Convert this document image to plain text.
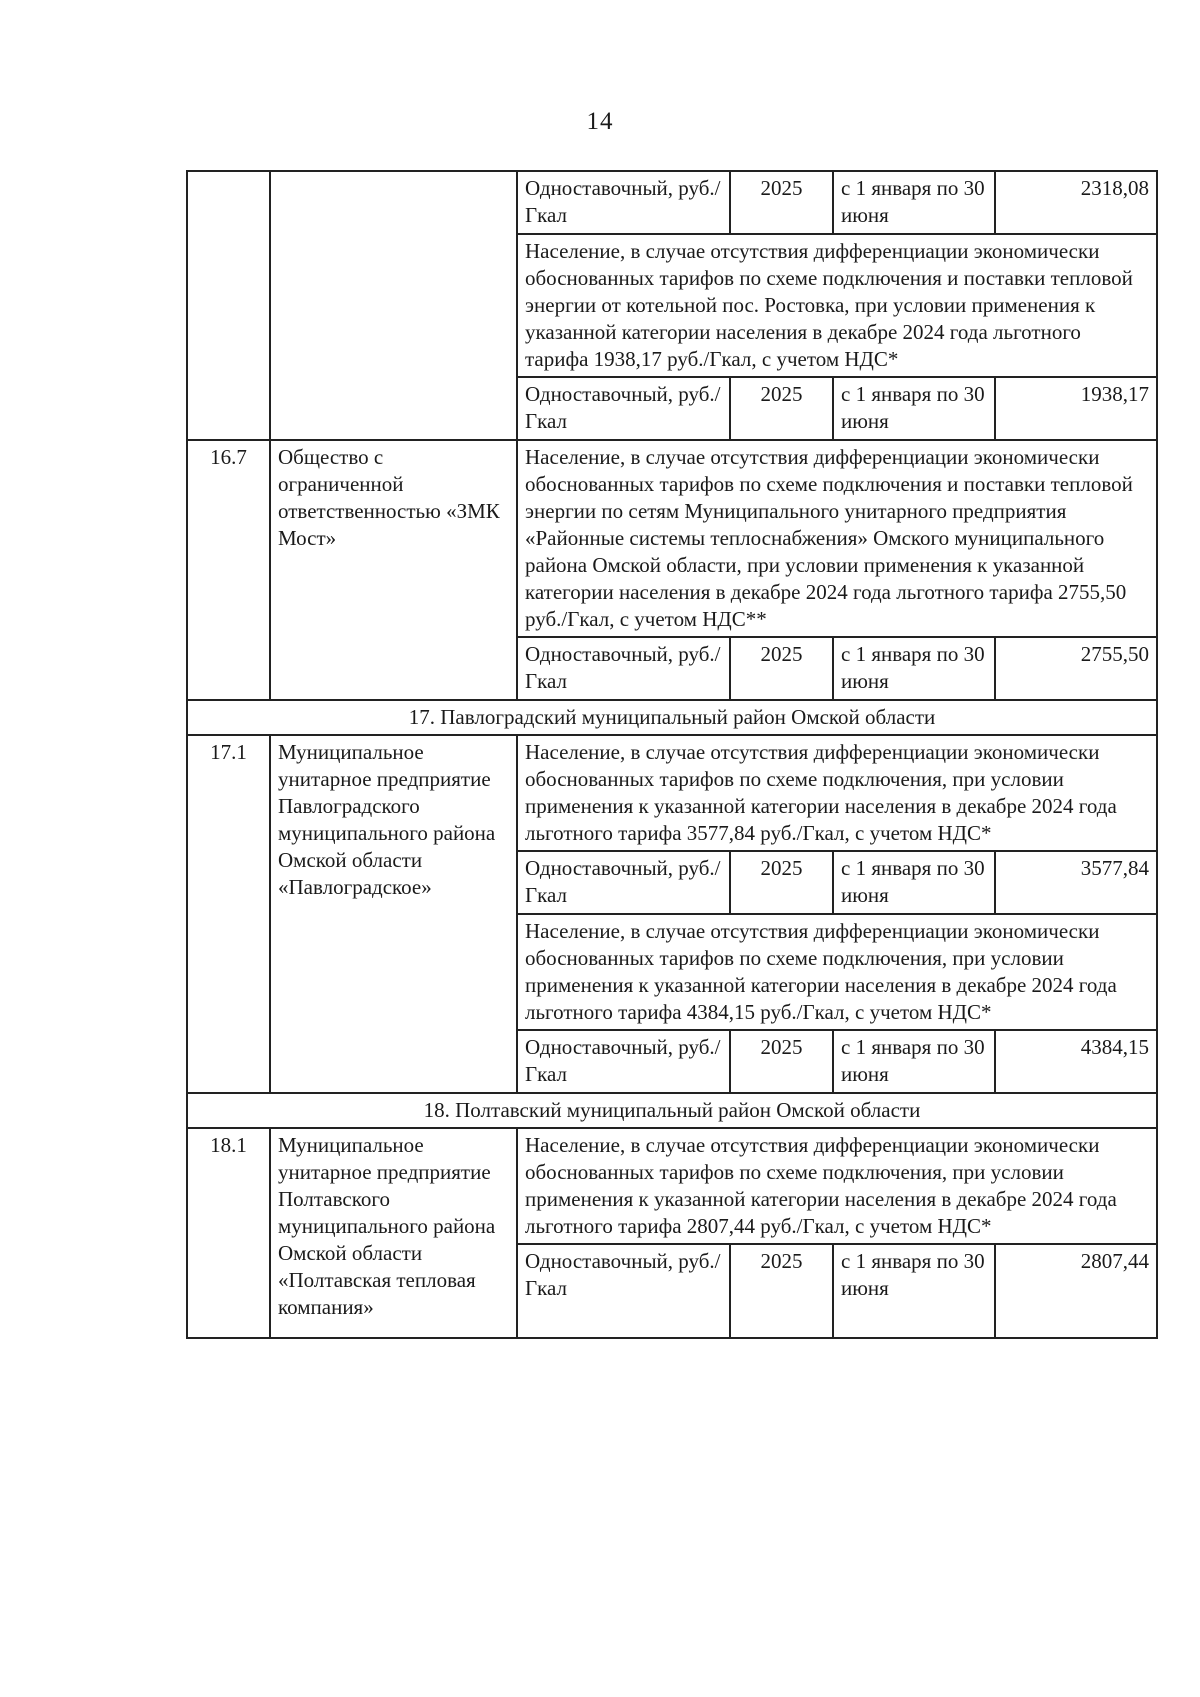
14
		Одноставочный, руб./Гкал	2025	с 1 января по 30 июня	2318,08
		Население, в случае отсутствия дифференциации экономически обоснованных тарифов по схеме подключения и поставки тепловой энергии от котельной пос. Ростовка, при условии применения к указанной категории населения в декабре 2024 года льготного тарифа 1938,17 руб./Гкал, с учетом НДС*			
		Одноставочный, руб./Гкал	2025	с 1 января по 30 июня	1938,17
16.7	Общество с ограниченной ответственностью «ЗМК Мост»	Население, в случае отсутствия дифференциации экономически обоснованных тарифов по схеме подключения и поставки тепловой энергии по сетям Муниципального унитарного предприятия «Районные системы теплоснабжения» Омского муниципального района Омской области, при условии применения к указанной категории населения в декабре 2024 года льготного тарифа 2755,50 руб./Гкал, с учетом НДС**			
		Одноставочный, руб./Гкал	2025	с 1 января по 30 июня	2755,50
17. Павлоградский муниципальный район Омской области					
17.1	Муниципальное унитарное предприятие Павлоградского муниципального района Омской области «Павлоградское»	Население, в случае отсутствия дифференциации экономически обоснованных тарифов по схеме подключения, при условии применения к указанной категории населения в декабре 2024 года льготного тарифа 3577,84 руб./Гкал, с учетом НДС*			
		Одноставочный, руб./Гкал	2025	с 1 января по 30 июня	3577,84
		Население, в случае отсутствия дифференциации экономически обоснованных тарифов по схеме подключения, при условии применения к указанной категории населения в декабре 2024 года льготного тарифа 4384,15 руб./Гкал, с учетом НДС*			
		Одноставочный, руб./Гкал	2025	с 1 января по 30 июня	4384,15
18. Полтавский муниципальный район Омской области					
18.1	Муниципальное унитарное предприятие Полтавского муниципального района Омской области «Полтавская тепловая компания»	Население, в случае отсутствия дифференциации экономически обоснованных тарифов по схеме подключения, при условии применения к указанной категории населения в декабре 2024 года льготного тарифа 2807,44 руб./Гкал, с учетом НДС*			
		Одноставочный, руб./Гкал	2025	с 1 января по 30 июня	2807,44
